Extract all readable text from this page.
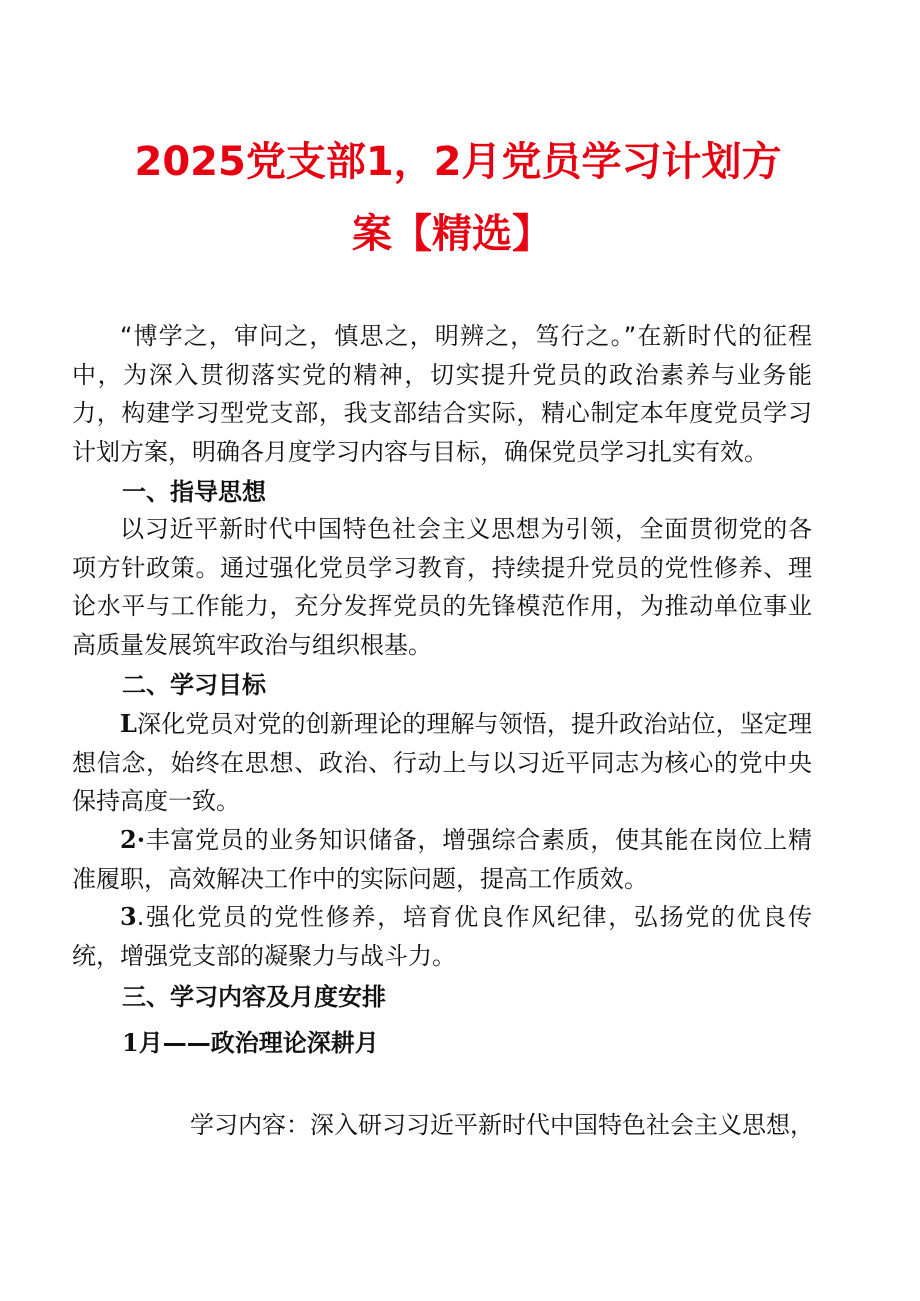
2025党支部1，2月党员学习计划方
案【精选】

“博学之，审问之，慎思之，明辨之，笃行之。”在新时代的征程中，为深入贯彻落实党的精神，切实提升党员的政治素养与业务能力，构建学习型党支部，我支部结合实际，精心制定本年度党员学习计划方案，明确各月度学习内容与目标，确保党员学习扎实有效。

一、指导思想

以习近平新时代中国特色社会主义思想为引领，全面贯彻党的各项方针政策。通过强化党员学习教育，持续提升党员的党性修养、理论水平与工作能力，充分发挥党员的先锋模范作用，为推动单位事业高质量发展筑牢政治与组织根基。

二、学习目标

L深化党员对党的创新理论的理解与领悟，提升政治站位，坚定理想信念，始终在思想、政治、行动上与以习近平同志为核心的党中央保持高度一致。

2·丰富党员的业务知识储备，增强综合素质，使其能在岗位上精准履职，高效解决工作中的实际问题，提高工作质效。

3.强化党员的党性修养，培育优良作风纪律，弘扬党的优良传统，增强党支部的凝聚力与战斗力。

三、学习内容及月度安排
1月——政治理论深耕月
学习内容：深入研习习近平新时代中国特色社会主义思想，
